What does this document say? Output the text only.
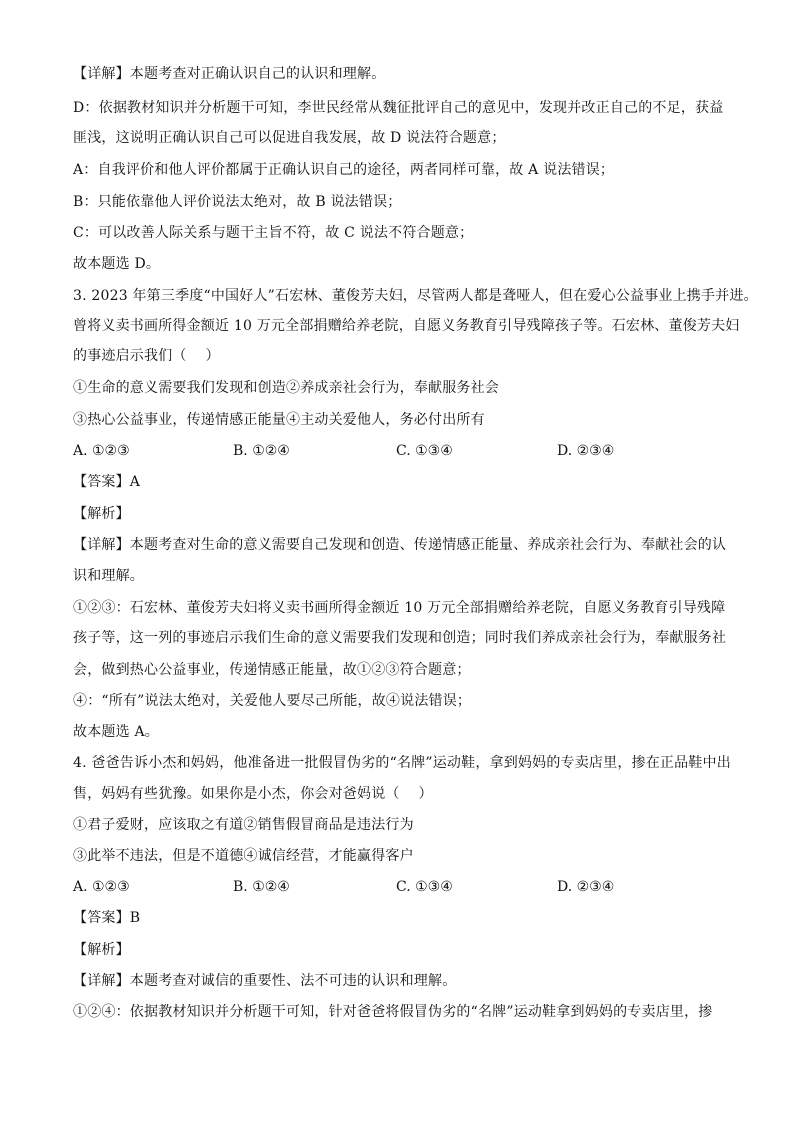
【详解】本题考查对正确认识自己的认识和理解。
D：依据教材知识并分析题干可知，李世民经常从魏征批评自己的意见中，发现并改正自己的不足，获益
匪浅，这说明正确认识自己可以促进自我发展，故 D 说法符合题意；
A：自我评价和他人评价都属于正确认识自己的途径，两者同样可靠，故 A 说法错误；
B：只能依靠他人评价说法太绝对，故 B 说法错误；
C：可以改善人际关系与题干主旨不符，故 C 说法不符合题意；
故本题选 D。
3. 2023 年第三季度“中国好人”石宏林、董俊芳夫妇，尽管两人都是聋哑人，但在爱心公益事业上携手并进。
曾将义卖书画所得金额近 10 万元全部捐赠给养老院，自愿义务教育引导残障孩子等。石宏林、董俊芳夫妇
的事迹启示我们（　 ）
①生命的意义需要我们发现和创造②养成亲社会行为，奉献服务社会
③热心公益事业，传递情感正能量④主动关爱他人，务必付出所有
A. ①②③	B. ①②④	C. ①③④	D. ②③④
【答案】A
【解析】
【详解】本题考查对生命的意义需要自己发现和创造、传递情感正能量、养成亲社会行为、奉献社会的认
识和理解。
①②③：石宏林、董俊芳夫妇将义卖书画所得金额近 10 万元全部捐赠给养老院，自愿义务教育引导残障
孩子等，这一列的事迹启示我们生命的意义需要我们发现和创造；同时我们养成亲社会行为，奉献服务社
会，做到热心公益事业，传递情感正能量，故①②③符合题意；
④：“所有”说法太绝对，关爱他人要尽己所能，故④说法错误；
故本题选 A。
4. 爸爸告诉小杰和妈妈，他准备进一批假冒伪劣的“名牌”运动鞋，拿到妈妈的专卖店里，掺在正品鞋中出
售，妈妈有些犹豫。如果你是小杰，你会对爸妈说（　 ）
①君子爱财，应该取之有道②销售假冒商品是违法行为
③此举不违法，但是不道德④诚信经营，才能赢得客户
A. ①②③	B. ①②④	C. ①③④	D. ②③④
【答案】B
【解析】
【详解】本题考查对诚信的重要性、法不可违的认识和理解。
①②④：依据教材知识并分析题干可知，针对爸爸将假冒伪劣的“名牌”运动鞋拿到妈妈的专卖店里，掺
